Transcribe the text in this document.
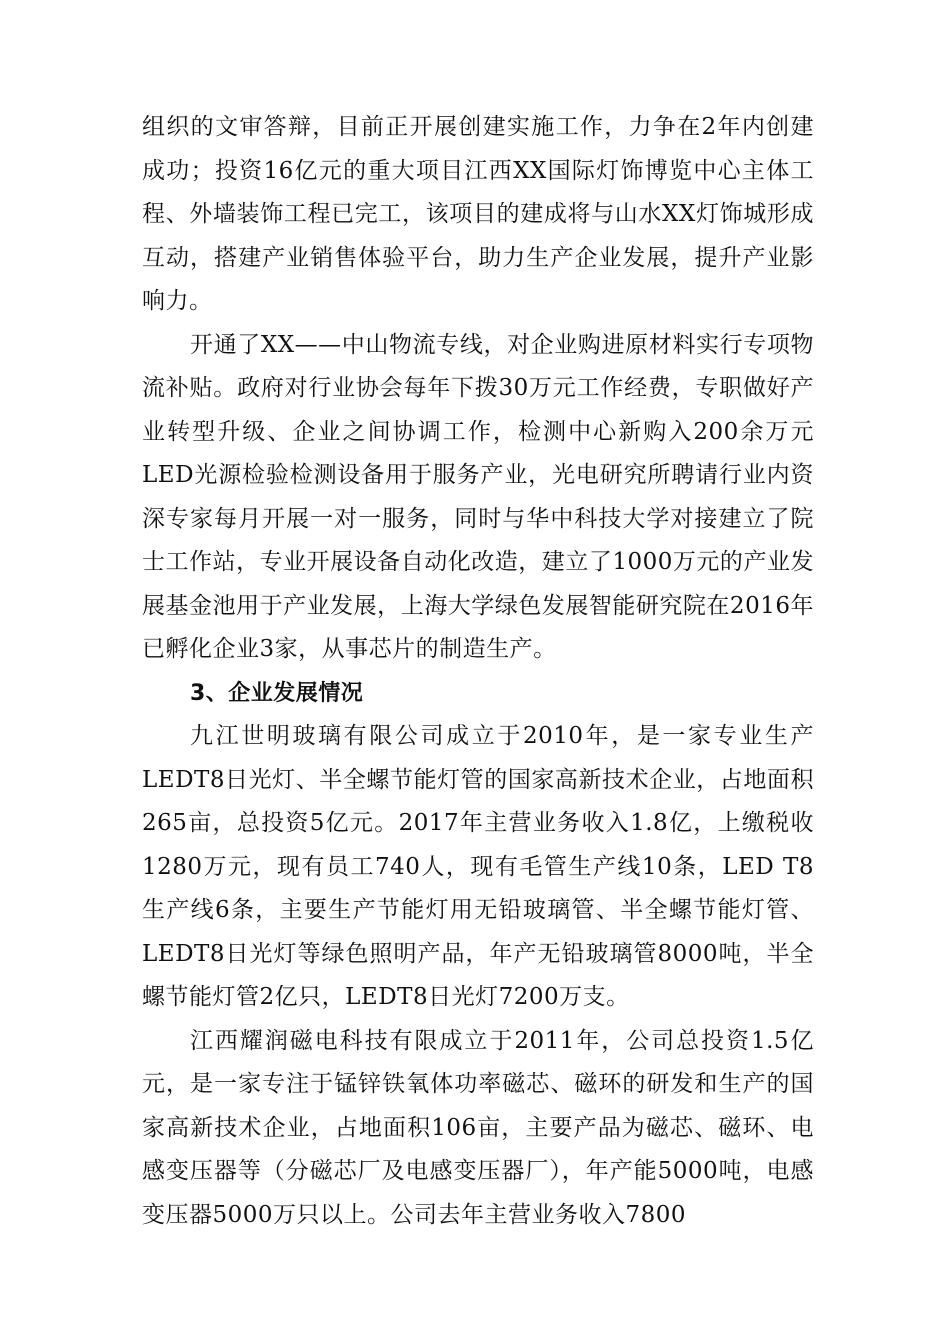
组织的文审答辩，目前正开展创建实施工作，力争在2年内创建成功；投资16亿元的重大项目江西XX国际灯饰博览中心主体工程、外墙装饰工程已完工，该项目的建成将与山水XX灯饰城形成互动，搭建产业销售体验平台，助力生产企业发展，提升产业影响力。

开通了XX——中山物流专线，对企业购进原材料实行专项物流补贴。政府对行业协会每年下拨30万元工作经费，专职做好产业转型升级、企业之间协调工作，检测中心新购入200余万元LED光源检验检测设备用于服务产业，光电研究所聘请行业内资深专家每月开展一对一服务，同时与华中科技大学对接建立了院士工作站，专业开展设备自动化改造，建立了1000万元的产业发展基金池用于产业发展，上海大学绿色发展智能研究院在2016年已孵化企业3家，从事芯片的制造生产。

3、企业发展情况

九江世明玻璃有限公司成立于2010年，是一家专业生产LEDT8日光灯、半全螺节能灯管的国家高新技术企业，占地面积265亩，总投资5亿元。2017年主营业务收入1.8亿，上缴税收1280万元，现有员工740人，现有毛管生产线10条，LED T8生产线6条，主要生产节能灯用无铅玻璃管、半全螺节能灯管、LEDT8日光灯等绿色照明产品，年产无铅玻璃管8000吨，半全螺节能灯管2亿只，LEDT8日光灯7200万支。

江西耀润磁电科技有限成立于2011年，公司总投资1.5亿元，是一家专注于锰锌铁氧体功率磁芯、磁环的研发和生产的国家高新技术企业，占地面积106亩，主要产品为磁芯、磁环、电感变压器等（分磁芯厂及电感变压器厂），年产能5000吨，电感变压器5000万只以上。公司去年主营业务收入7800
